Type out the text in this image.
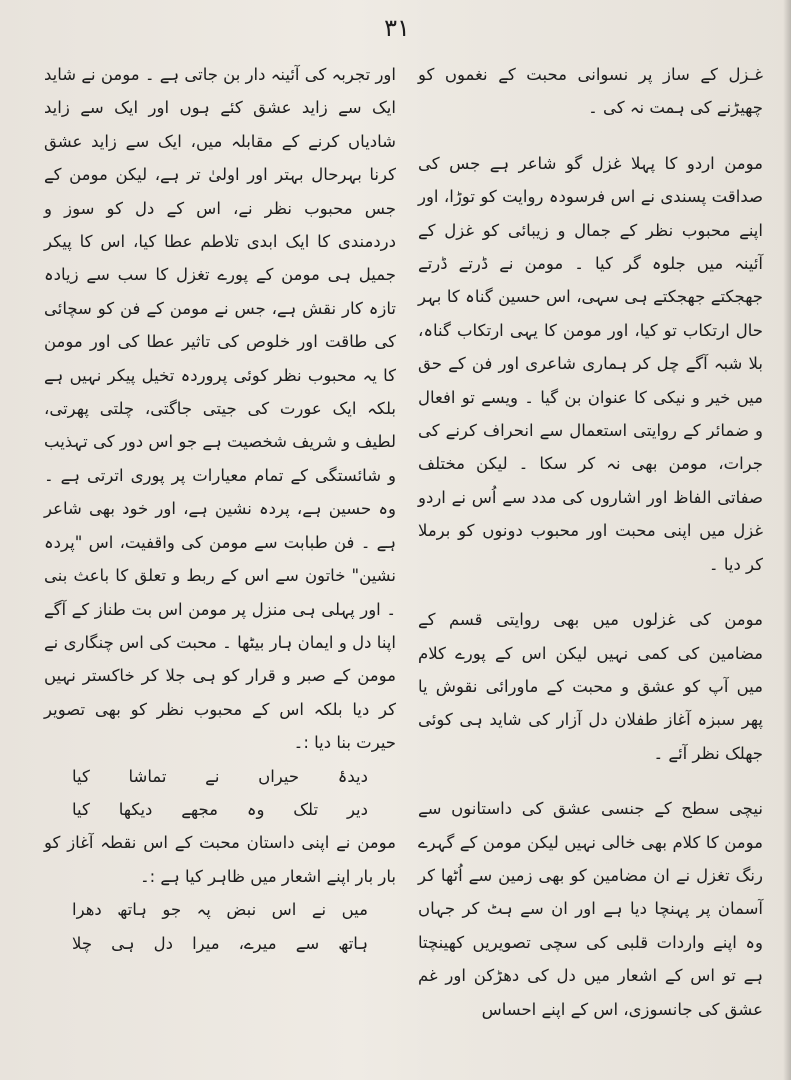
۳۱

غـزل کے ساز پر نسوانی محبت کے نغموں کو چھیڑنے کی ہمت نہ کی ۔

مومن اردو کا پہلا غزل گو شاعر ہے جس کی صداقت پسندی نے اس فرسودہ روایت کو توڑا، اور اپنے محبوب نظر کے جمال و زیبائی کو غزل کے آئینہ میں جلوہ گر کیا ۔ مومن نے ڈرتے ڈرتے جھجکتے جھجکتے ہی سہی، اس حسین گناہ کا بہر حال ارتکاب تو کیا، اور مومن کا یہی ارتکاب گناہ، بلا شبہ آگے چل کر ہماری شاعری اور فن کے حق میں خیر و نیکی کا عنوان بن گیا ۔ ویسے تو افعال و ضمائر کے روایتی استعمال سے انحراف کرنے کی جرات، مومن بھی نہ کر سکا ۔ لیکن مختلف صفاتی الفاظ اور اشاروں کی مدد سے اُس نے اردو غزل میں اپنی محبت اور محبوب دونوں کو برملا کر دیا ۔

مومن کی غزلوں میں بھی روایتی قسم کے مضامین کی کمی نہیں لیکن اس کے پورے کلام میں آپ کو عشق و محبت کے ماورائی نقوش یا پھر سبزہ آغاز طفلان دل آزار کی شاید ہی کوئی جھلک نظر آئے ۔

نیچی سطح کے جنسی عشق کی داستانوں سے مومن کا کلام بھی خالی نہیں لیکن مومن کے گہرے رنگ تغزل نے ان مضامین کو بھی زمین سے اُٹھا کر آسمان پر پہنچا دیا ہے اور ان سے ہٹ کر جہاں وہ اپنے واردات قلبی کی سچی تصویریں کھینچتا ہے تو اس کے اشعار میں دل کی دھڑکن اور غم عشق کی جانسوزی، اس کے اپنے احساس

اور تجربہ کی آئینہ دار بن جاتی ہے ۔ مومن نے شاید ایک سے زاید عشق کئے ہوں اور ایک سے زاید شادیاں کرنے کے مقابلہ میں، ایک سے زاید عشق کرنا بہرحال بہتر اور اولیٰ تر ہے، لیکن مومن کے جس محبوب نظر نے، اس کے دل کو سوز و دردمندی کا ایک ابدی تلاطم عطا کیا، اس کا پیکر جمیل ہی مومن کے پورے تغزل کا سب سے زیادہ تازہ کار نقش ہے، جس نے مومن کے فن کو سچائی کی طاقت اور خلوص کی تاثیر عطا کی اور مومن کا یہ محبوب نظر کوئی پروردہ تخیل پیکر نہیں ہے بلکہ ایک عورت کی جیتی جاگتی، چلتی پھرتی، لطیف و شریف شخصیت ہے جو اس دور کی تہذیب و شائستگی کے تمام معیارات پر پوری اترتی ہے ۔ وہ حسین ہے، پردہ نشین ہے، اور خود بھی شاعر ہے ۔ فن طبابت سے مومن کی واقفیت، اس "پردہ نشین" خاتون سے اس کے ربط و تعلق کا باعث بنی ۔ اور پہلی ہی منزل پر مومن اس بت طناز کے آگے اپنا دل و ایمان ہار بیٹھا ۔ محبت کی اس چنگاری نے مومن کے صبر و قرار کو ہی جلا کر خاکستر نہیں کر دیا بلکہ اس کے محبوب نظر کو بھی تصویر حیرت بنا دیا :۔

دیدۂ حیراں نے تماشا کیا
دیر تلک وہ مجھے دیکھا کیا

مومن نے اپنی داستان محبت کے اس نقطہ آغاز کو بار بار اپنے اشعار میں ظاہر کیا ہے :۔

میں نے اس نبض پہ جو ہاتھ دھرا
ہاتھ سے میرے، میرا دل ہی چلا
